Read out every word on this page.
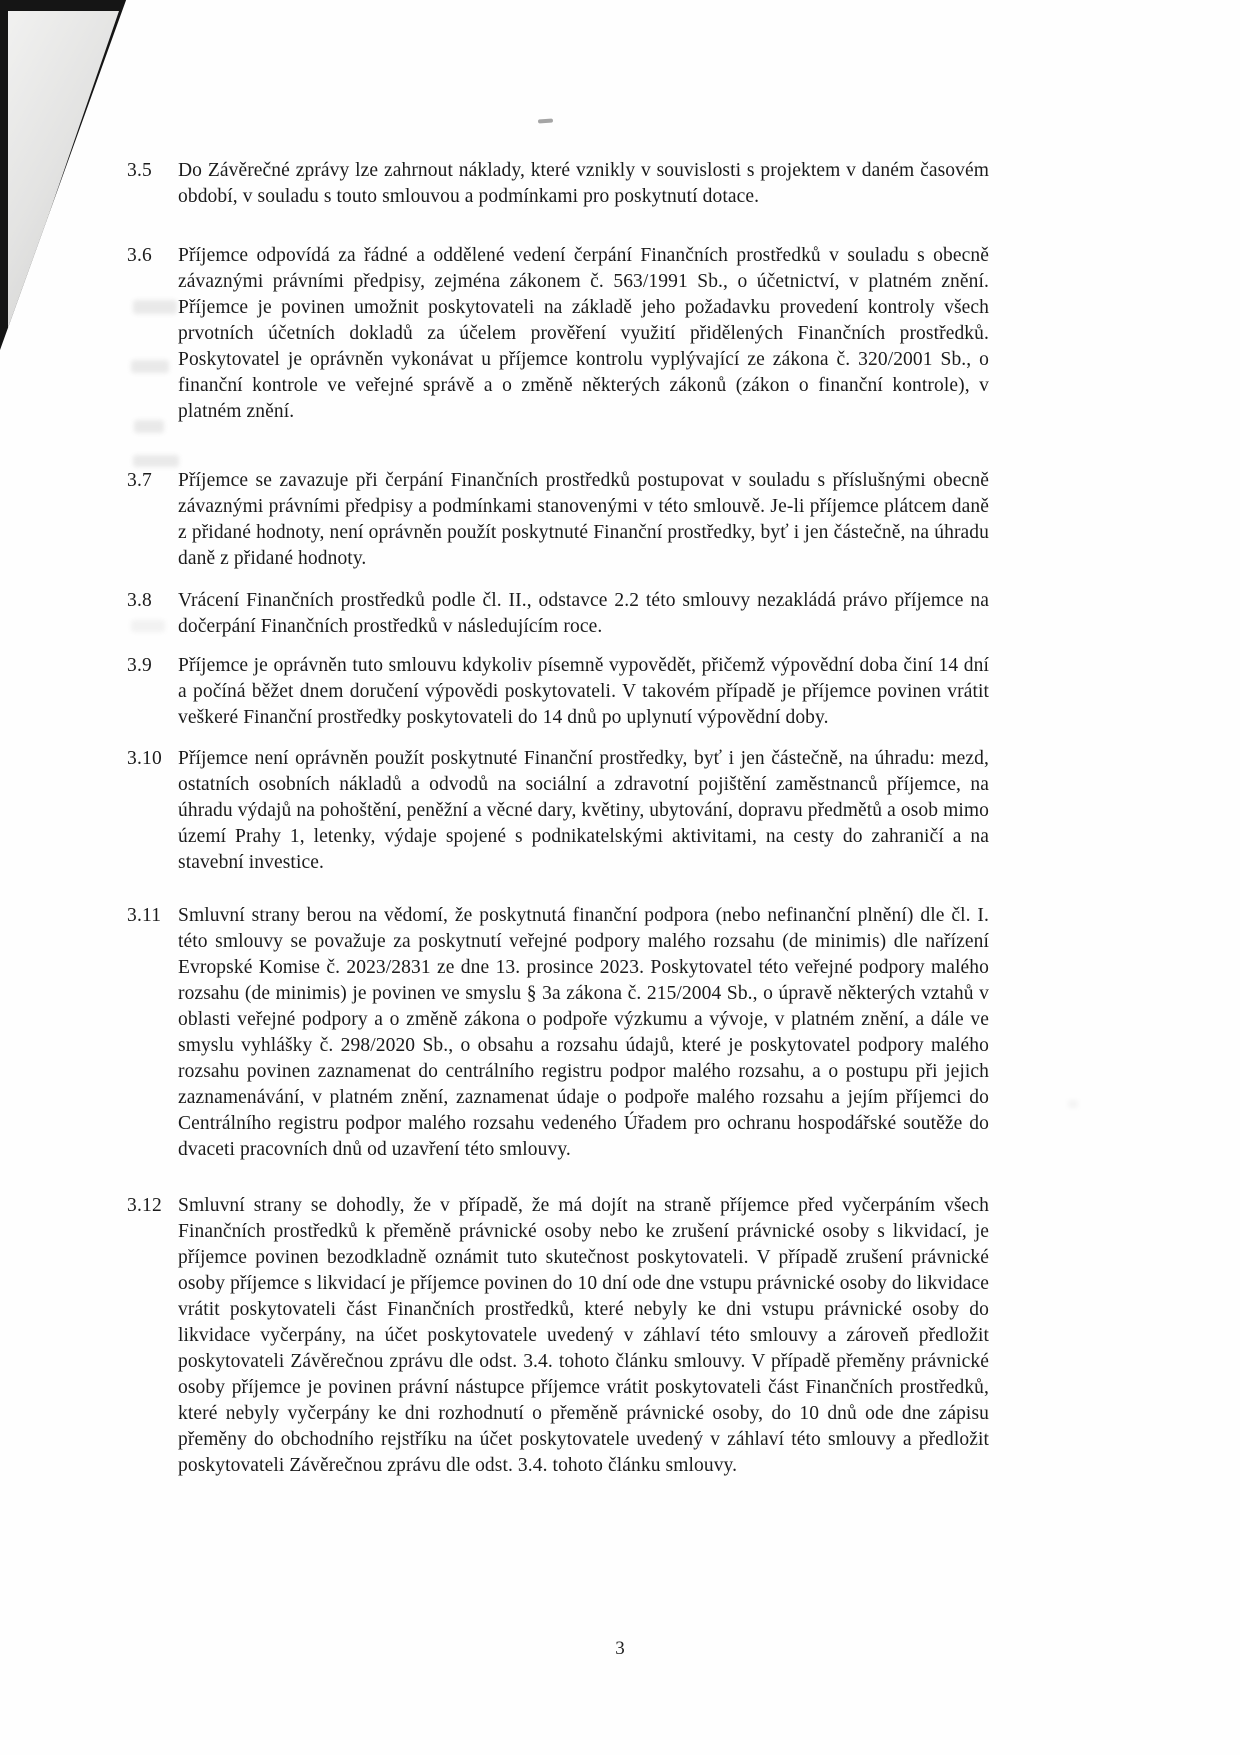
3.5	Do Závěrečné zprávy lze zahrnout náklady, které vznikly v souvislosti s projektem v daném časovém období, v souladu s touto smlouvou a podmínkami pro poskytnutí dotace.
3.6	Příjemce odpovídá za řádné a oddělené vedení čerpání Finančních prostředků v souladu s obecně závaznými právními předpisy, zejména zákonem č. 563/1991 Sb., o účetnictví, v platném znění. Příjemce je povinen umožnit poskytovateli na základě jeho požadavku provedení kontroly všech prvotních účetních dokladů za účelem prověření využití přidělených Finančních prostředků. Poskytovatel je oprávněn vykonávat u příjemce kontrolu vyplývající ze zákona č. 320/2001 Sb., o finanční kontrole ve veřejné správě a o změně některých zákonů (zákon o finanční kontrole), v platném znění.
3.7	Příjemce se zavazuje při čerpání Finančních prostředků postupovat v souladu s příslušnými obecně závaznými právními předpisy a podmínkami stanovenými v této smlouvě. Je-li příjemce plátcem daně z přidané hodnoty, není oprávněn použít poskytnuté Finanční prostředky, byť i jen částečně, na úhradu daně z přidané hodnoty.
3.8	Vrácení Finančních prostředků podle čl. II., odstavce 2.2 této smlouvy nezakládá právo příjemce na dočerpání Finančních prostředků v následujícím roce.
3.9	Příjemce je oprávněn tuto smlouvu kdykoliv písemně vypovědět, přičemž výpovědní doba činí 14 dní a počíná běžet dnem doručení výpovědi poskytovateli. V takovém případě je příjemce povinen vrátit veškeré Finanční prostředky poskytovateli do 14 dnů po uplynutí výpovědní doby.
3.10 Příjemce není oprávněn použít poskytnuté Finanční prostředky, byť i jen částečně, na úhradu: mezd, ostatních osobních nákladů a odvodů na sociální a zdravotní pojištění zaměstnanců příjemce, na úhradu výdajů na pohoštění, peněžní a věcné dary, květiny, ubytování, dopravu předmětů a osob mimo území Prahy 1, letenky, výdaje spojené s podnikatelskými aktivitami, na cesty do zahraničí a na stavební investice.
3.11 Smluvní strany berou na vědomí, že poskytnutá finanční podpora (nebo nefinanční plnění) dle čl. I. této smlouvy se považuje za poskytnutí veřejné podpory malého rozsahu (de minimis) dle nařízení Evropské Komise č. 2023/2831 ze dne 13. prosince 2023. Poskytovatel této veřejné podpory malého rozsahu (de minimis) je povinen ve smyslu § 3a zákona č. 215/2004 Sb., o úpravě některých vztahů v oblasti veřejné podpory a o změně zákona o podpoře výzkumu a vývoje, v platném znění, a dále ve smyslu vyhlášky č. 298/2020 Sb., o obsahu a rozsahu údajů, které je poskytovatel podpory malého rozsahu povinen zaznamenat do centrálního registru podpor malého rozsahu, a o postupu při jejich zaznamenávání, v platném znění, zaznamenat údaje o podpoře malého rozsahu a jejím příjemci do Centrálního registru podpor malého rozsahu vedeného Úřadem pro ochranu hospodářské soutěže do dvaceti pracovních dnů od uzavření této smlouvy.
3.12 Smluvní strany se dohodly, že v případě, že má dojít na straně příjemce před vyčerpáním všech Finančních prostředků k přeměně právnické osoby nebo ke zrušení právnické osoby s likvidací, je příjemce povinen bezodkladně oznámit tuto skutečnost poskytovateli. V případě zrušení právnické osoby příjemce s likvidací je příjemce povinen do 10 dní ode dne vstupu právnické osoby do likvidace vrátit poskytovateli část Finančních prostředků, které nebyly ke dni vstupu právnické osoby do likvidace vyčerpány, na účet poskytovatele uvedený v záhlaví této smlouvy a zároveň předložit poskytovateli Závěrečnou zprávu dle odst. 3.4. tohoto článku smlouvy. V případě přeměny právnické osoby příjemce je povinen právní nástupce příjemce vrátit poskytovateli část Finančních prostředků, které nebyly vyčerpány ke dni rozhodnutí o přeměně právnické osoby, do 10 dnů ode dne zápisu přeměny do obchodního rejstříku na účet poskytovatele uvedený v záhlaví této smlouvy a předložit poskytovateli Závěrečnou zprávu dle odst. 3.4. tohoto článku smlouvy.
3
